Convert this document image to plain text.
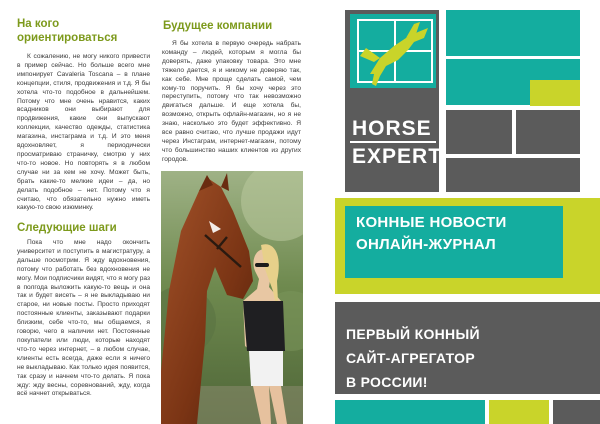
На кого ориентироваться

К сожалению, не могу никого привести в пример сейчас. Но больше всего мне импонирует Cavaleria Toscana – в плане концепции, стиля, продвижения и т.д. Я бы хотела что-то подобное в дальнейшем. Потому что мне очень нравится, каких всадников они выбирают для продвижения, какие они выпускают коллекции, качество одежды, статистика магазина, инстаграма и т.д. И это меня вдохновляет, я периодически просматриваю страничку, смотрю у них что-то новое. Но повторять я в любом случае ни за кем не хочу. Может быть, брать какие-то мелкие идеи – да, но делать подобное – нет. Потому что я считаю, что обязательно нужно иметь какую-то свою изюминку.

Следующие шаги

Пока что мне надо окончить университет и поступить в магистратуру, а дальше посмотрим. Я жду вдохновения, потому что работать без вдохновения не могу. Мои подписчики видят, что я могу раз в полгода выложить какую-то вещь и она так и будет висеть – я не выкладываю ни старое, ни новые посты. Просто приходят постоянные клиенты, заказывают подарки близким, себе что-то, мы общаемся, я говорю, чего в наличии нет. Постоянные покупатели или люди, которые находят что-то через интернет, – в любом случае, клиенты есть всегда, даже если я ничего не выкладываю. Как только идея появится, так сразу и начнем что-то делать. Я пока жду: жду весны, соревнований, жду, когда всё начнет открываться.

Будущее компании

Я бы хотела в первую очередь набрать команду – людей, которым я могла бы доверять, даже упаковку товара. Это мне тяжело дается, я и никому не доверяю так, как себе. Мне проще сделать самой, чем кому-то поручить. Я бы хочу через это переступить, потому что так невозможно двигаться дальше. И еще хотела бы, возможно, открыть офлайн-магазин, но я не знаю, насколько это будет эффективно. Я все равно считаю, что лучше продажи идут через Инстаграм, интернет-магазин, потому что большинство наших клиентов из других городов.

HORSE
EXPERT
КОННЫЕ НОВОСТИ
ОНЛАЙН-ЖУРНАЛ
ПЕРВЫЙ КОННЫЙ
САЙТ-АГРЕГАТОР
В РОССИИ!
